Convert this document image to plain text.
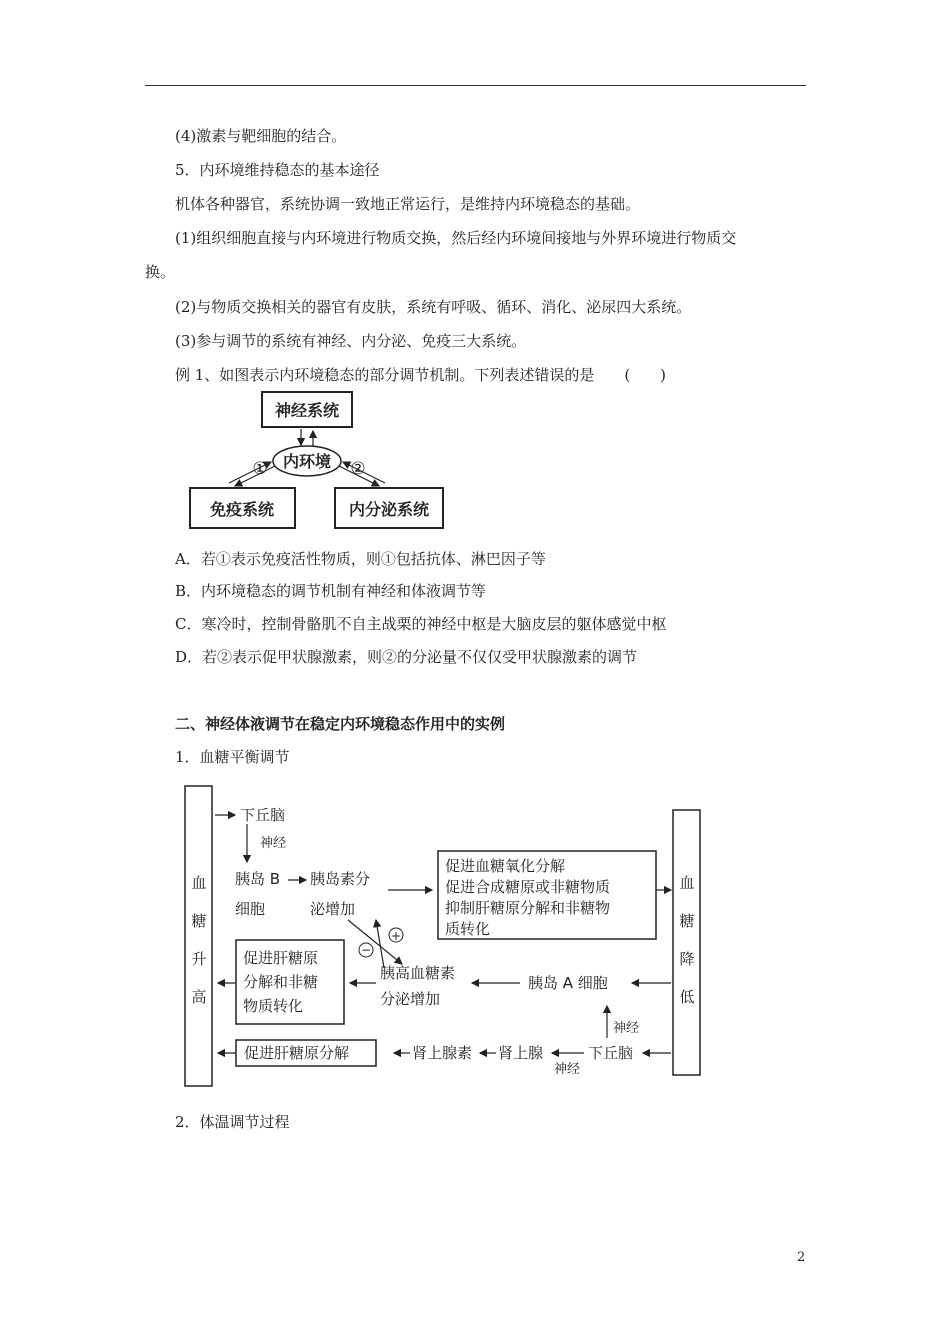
(4)激素与靶细胞的结合。
5．内环境维持稳态的基本途径
机体各种器官，系统协调一致地正常运行，是维持内环境稳态的基础。
(1)组织细胞直接与内环境进行物质交换，然后经内环境间接地与外界环境进行物质交
换。
(2)与物质交换相关的器官有皮肤，系统有呼吸、循环、消化、泌尿四大系统。
(3)参与调节的系统有神经、内分泌、免疫三大系统。
例 1、如图表示内环境稳态的部分调节机制。下列表述错误的是　　(　　)
神经系统
内环境
①	②
免疫系统	内分泌系统
A．若①表示免疫活性物质，则①包括抗体、淋巴因子等
B．内环境稳态的调节机制有神经和体液调节等
C．寒冷时，控制骨骼肌不自主战栗的神经中枢是大脑皮层的躯体感觉中枢
D．若②表示促甲状腺激素，则②的分泌量不仅仅受甲状腺激素的调节
二、神经体液调节在稳定内环境稳态作用中的实例
1．血糖平衡调节
血
糖
升
高
血
糖
降
低
下丘脑
神经
胰岛 B
细胞
胰岛素分
泌增加
促进血糖氧化分解
促进合成糖原或非糖物质
抑制肝糖原分解和非糖物
质转化
+
−
促进肝糖原
分解和非糖
物质转化
胰高血糖素
分泌增加
胰岛 A 细胞
神经
下丘脑
神经
肾上腺
肾上腺素
促进肝糖原分解
2．体温调节过程
2
